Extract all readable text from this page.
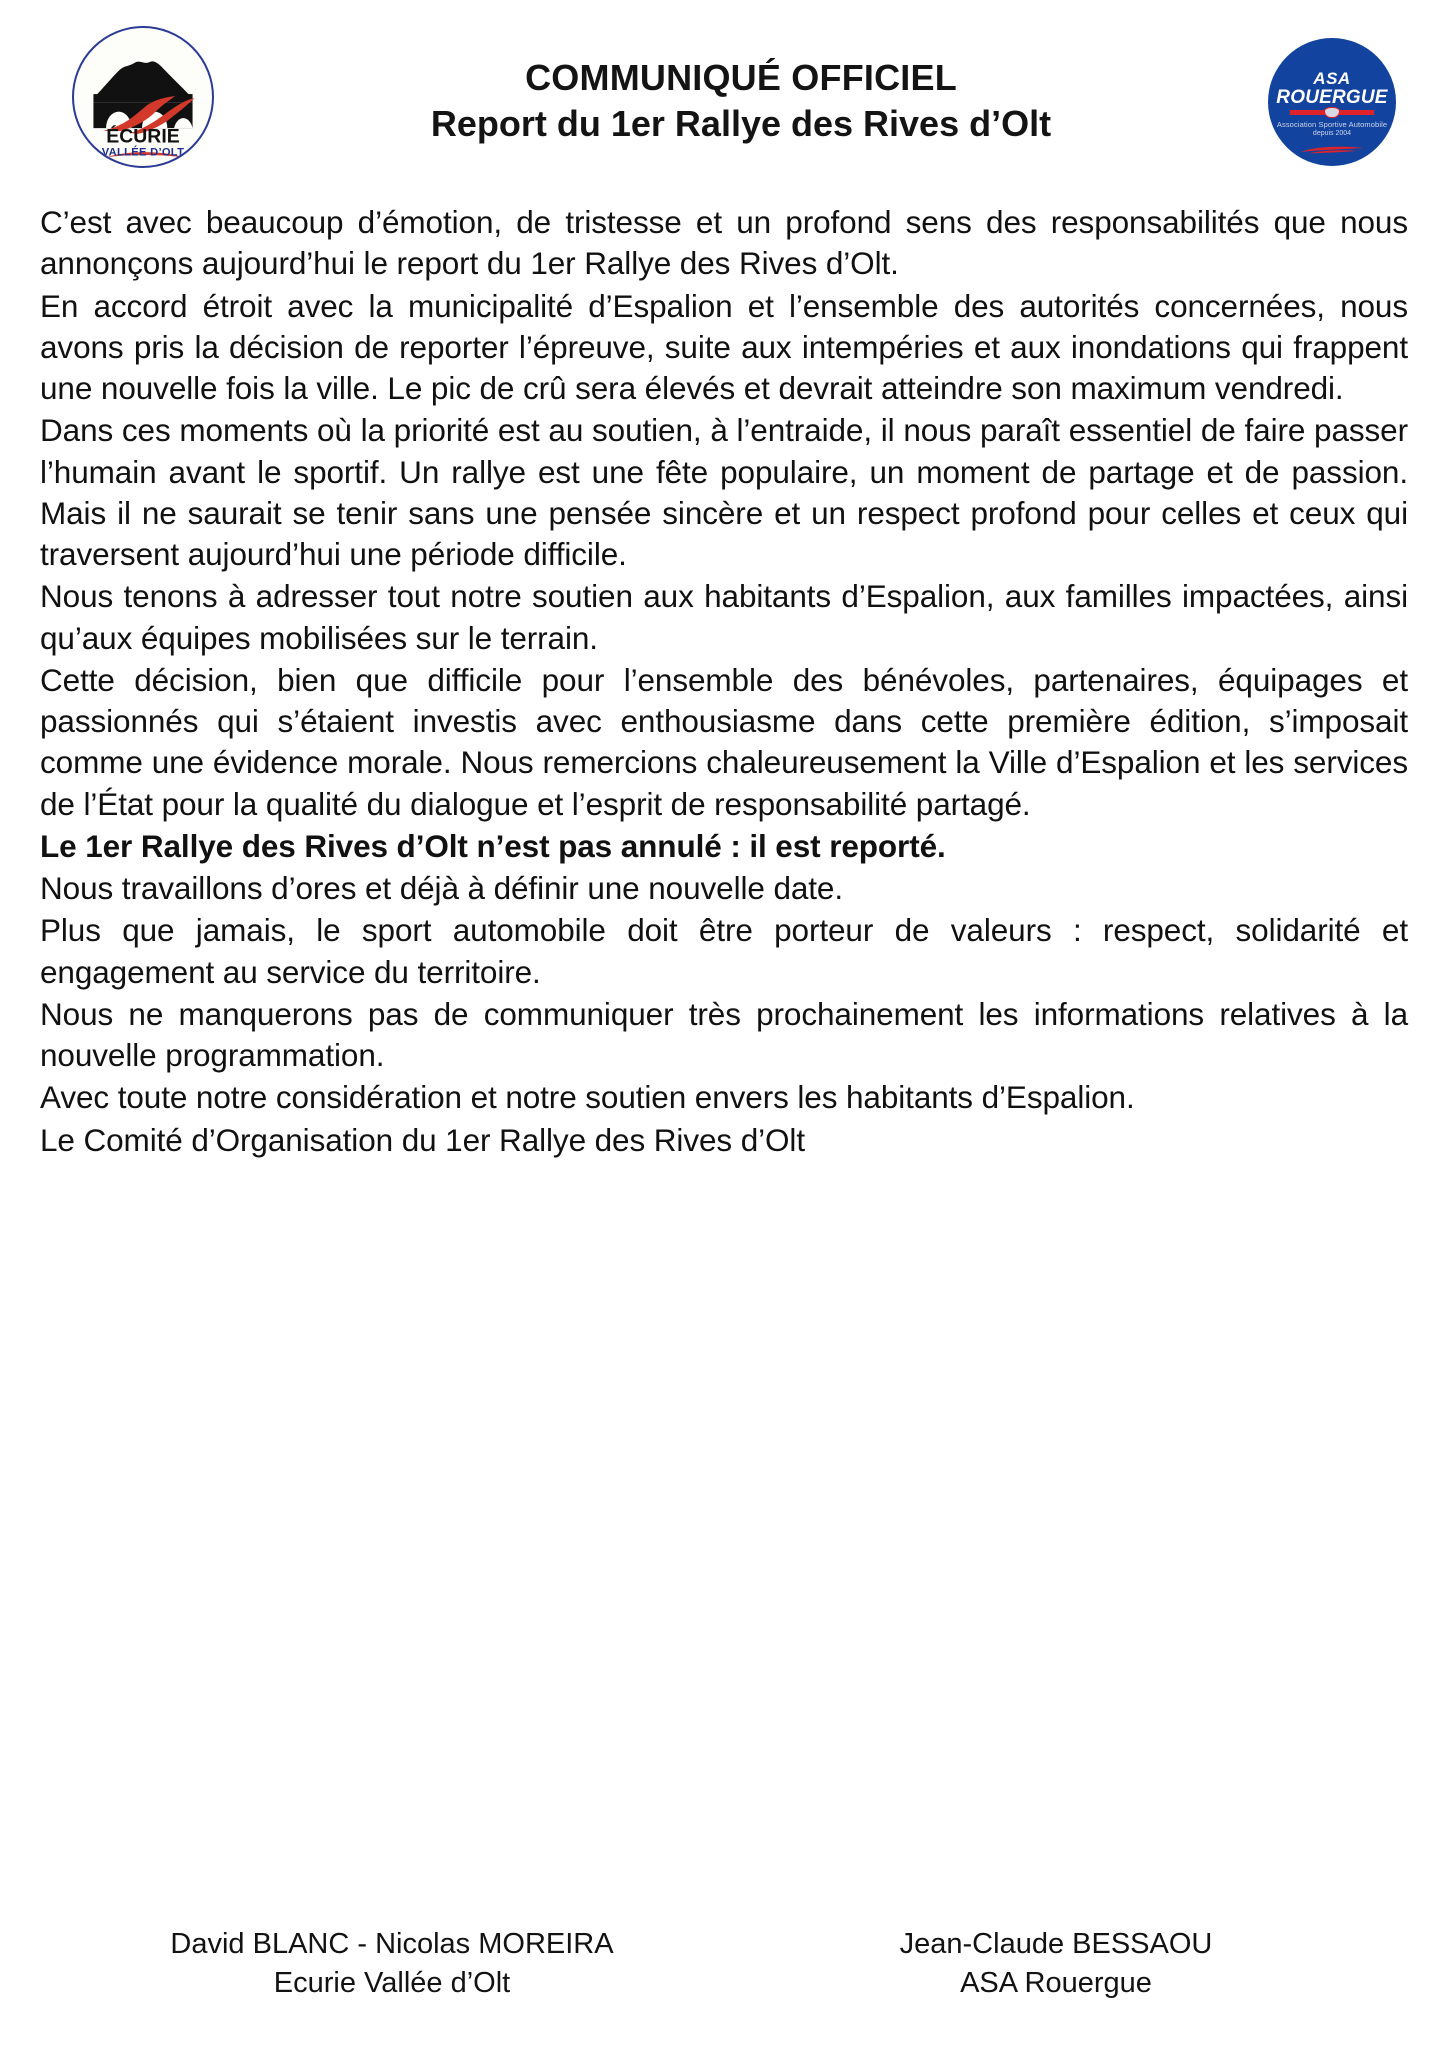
ÉCURIE
VALLÉE D’OLT
COMMUNIQUÉ OFFICIEL
Report du 1er Rallye des Rives d’Olt
ASA
ROUERGUE
Association Sportive Automobile
depuis 2004

C’est avec beaucoup d’émotion, de tristesse et un profond sens des responsabilités que nous annonçons aujourd’hui le report du 1er Rallye des Rives d’Olt.

En accord étroit avec la municipalité d’Espalion et l’ensemble des autorités concernées, nous avons pris la décision de reporter l’épreuve, suite aux intempéries et aux inondations qui frappent une nouvelle fois la ville. Le pic de crû sera élevés et devrait atteindre son maximum vendredi.

Dans ces moments où la priorité est au soutien, à l’entraide, il nous paraît essentiel de faire passer l’humain avant le sportif. Un rallye est une fête populaire, un moment de partage et de passion. Mais il ne saurait se tenir sans une pensée sincère et un respect profond pour celles et ceux qui traversent aujourd’hui une période difficile.

Nous tenons à adresser tout notre soutien aux habitants d’Espalion, aux familles impactées, ainsi qu’aux équipes mobilisées sur le terrain.

Cette décision, bien que difficile pour l’ensemble des bénévoles, partenaires, équipages et passionnés qui s’étaient investis avec enthousiasme dans cette première édition, s’imposait comme une évidence morale. Nous remercions chaleureusement la Ville d’Espalion et les services de l’État pour la qualité du dialogue et l’esprit de responsabilité partagé.

Le 1er Rallye des Rives d’Olt n’est pas annulé : il est reporté.

Nous travaillons d’ores et déjà à définir une nouvelle date.

Plus que jamais, le sport automobile doit être porteur de valeurs : respect, solidarité et engagement au service du territoire.

Nous ne manquerons pas de communiquer très prochainement les informations relatives à la nouvelle programmation.

Avec toute notre considération et notre soutien envers les habitants d’Espalion.

Le Comité d’Organisation du 1er Rallye des Rives d’Olt

David BLANC - Nicolas MOREIRA
Ecurie Vallée d’Olt
Jean-Claude BESSAOU
ASA Rouergue
